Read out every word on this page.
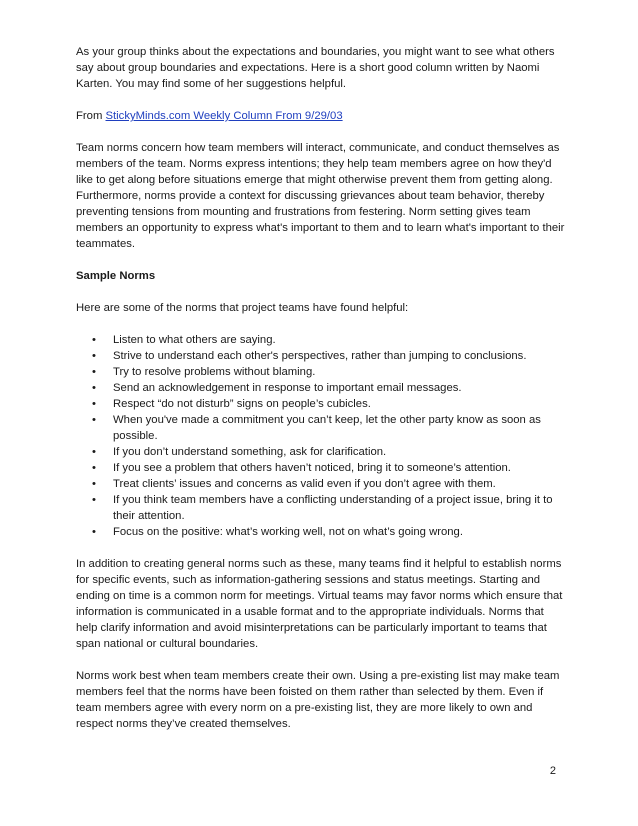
As your group thinks about the expectations and boundaries, you might want to see what others say about group boundaries and expectations. Here is a short good column written by Naomi Karten. You may find some of her suggestions helpful.

From StickyMinds.com Weekly Column From 9/29/03

Team norms concern how team members will interact, communicate, and conduct themselves as members of the team. Norms express intentions; they help team members agree on how they'd like to get along before situations emerge that might otherwise prevent them from getting along. Furthermore, norms provide a context for discussing grievances about team behavior, thereby preventing tensions from mounting and frustrations from festering. Norm setting gives team members an opportunity to express what's important to them and to learn what's important to their teammates.

Sample Norms

Here are some of the norms that project teams have found helpful:

• Listen to what others are saying.
• Strive to understand each other's perspectives, rather than jumping to conclusions.
• Try to resolve problems without blaming.
• Send an acknowledgement in response to important email messages.
• Respect “do not disturb” signs on people’s cubicles.
• When you've made a commitment you can’t keep, let the other party know as soon as possible.
• If you don’t understand something, ask for clarification.
• If you see a problem that others haven’t noticed, bring it to someone’s attention.
• Treat clients’ issues and concerns as valid even if you don’t agree with them.
• If you think team members have a conflicting understanding of a project issue, bring it to their attention.
• Focus on the positive: what’s working well, not on what’s going wrong.

In addition to creating general norms such as these, many teams find it helpful to establish norms for specific events, such as information-gathering sessions and status meetings. Starting and ending on time is a common norm for meetings. Virtual teams may favor norms which ensure that information is communicated in a usable format and to the appropriate individuals. Norms that help clarify information and avoid misinterpretations can be particularly important to teams that span national or cultural boundaries.

Norms work best when team members create their own. Using a pre-existing list may make team members feel that the norms have been foisted on them rather than selected by them. Even if team members agree with every norm on a pre-existing list, they are more likely to own and respect norms they’ve created themselves.

2
